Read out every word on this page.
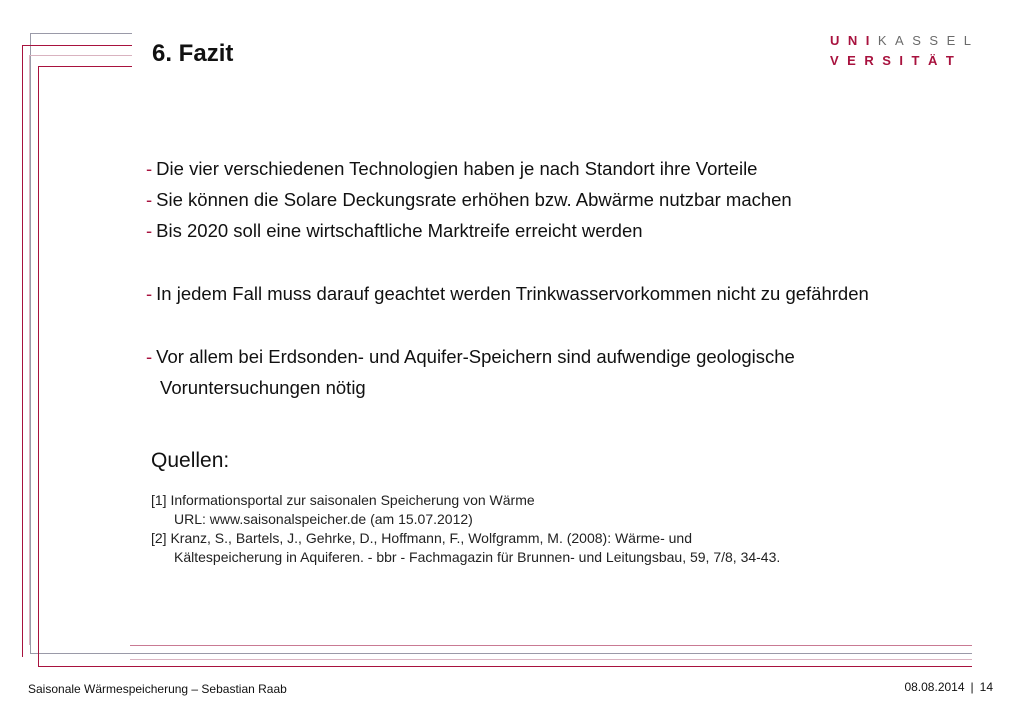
6. Fazit	UNIKASSEL
VERSITÄT
- Die vier verschiedenen Technologien haben je nach Standort ihre Vorteile
- Sie können die Solare Deckungsrate erhöhen bzw. Abwärme nutzbar machen
- Bis 2020 soll eine wirtschaftliche Marktreife erreicht werden
- In jedem Fall muss darauf geachtet werden Trinkwasservorkommen nicht zu gefährden
- Vor allem bei Erdsonden- und Aquifer-Speichern sind aufwendige geologische
Voruntersuchungen nötig
Quellen:
[1] Informationsportal zur saisonalen Speicherung von Wärme
URL: www.saisonalspeicher.de (am 15.07.2012)
[2] Kranz, S., Bartels, J., Gehrke, D., Hoffmann, F., Wolfgramm, M. (2008): Wärme- und
Kältespeicherung in Aquiferen. - bbr - Fachmagazin für Brunnen- und Leitungsbau, 59, 7/8, 34-43.
Saisonale Wärmespeicherung – Sebastian Raab	08.08.2014 | 14
